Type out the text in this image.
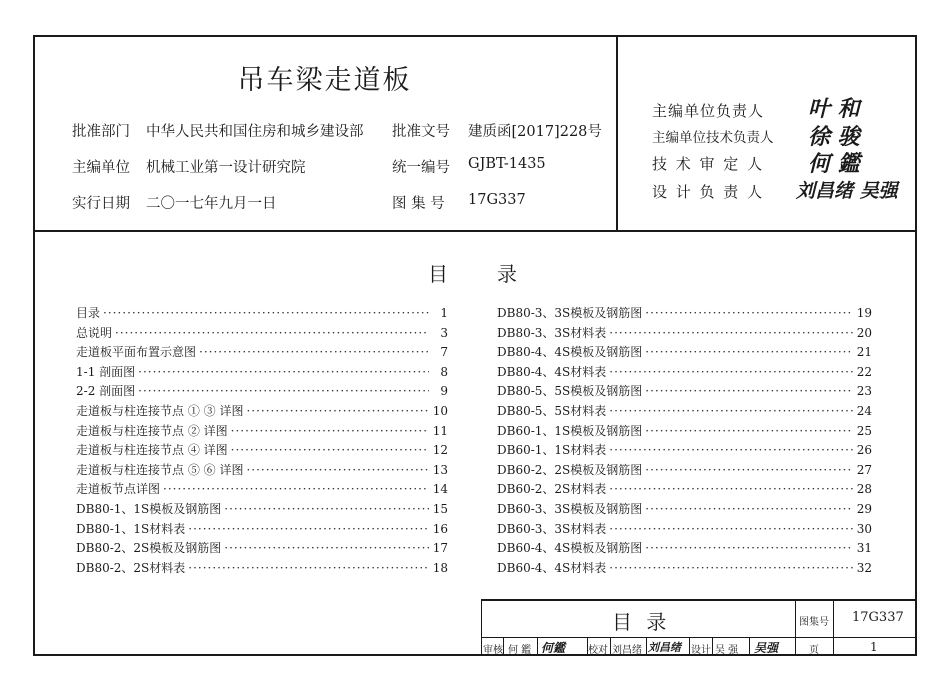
吊车梁走道板
批准部门 中华人民共和国住房和城乡建设部 批准文号 建质函[2017]228号
主编单位 机械工业第一设计研究院	统一编号 GJBT-1435
实行日期 二〇一七年九月一日	图 集 号 17G337
主编单位负责人 叶 和
主编单位技术负责人 徐 骏
技 术 审 定 人 何 鑑
设 计 负 责 人 刘昌绪 吴强
目 录
目录 ·····	1
总说明 ·····	3
走道板平面布置示意图 ·····	7
1-1 剖面图 ·····	8
2-2 剖面图 ·····	9
走道板与柱连接节点 ① ③ 详图 ·····	10
走道板与柱连接节点 ② 详图 ·····	11
走道板与柱连接节点 ④ 详图 ·····	12
走道板与柱连接节点 ⑤ ⑥ 详图 ·····	13
走道板节点详图 ·····	14
DB80-1、1S模板及钢筋图 ·····	15
DB80-1、1S材料表 ·····	16
DB80-2、2S模板及钢筋图 ·····	17
DB80-2、2S材料表 ·····	18
DB80-3、3S模板及钢筋图 ·····	19
DB80-3、3S材料表 ·····	20
DB80-4、4S模板及钢筋图 ·····	21
DB80-4、4S材料表 ·····	22
DB80-5、5S模板及钢筋图 ·····	23
DB80-5、5S材料表 ·····	24
DB60-1、1S模板及钢筋图 ·····	25
DB60-1、1S材料表 ·····	26
DB60-2、2S模板及钢筋图 ·····	27
DB60-2、2S材料表 ·····	28
DB60-3、3S模板及钢筋图 ·····	29
DB60-3、3S材料表 ·····	30
DB60-4、4S模板及钢筋图 ·····	31
DB60-4、4S材料表 ·····	32
目 录	图集号 17G337
页	1
审核 何 鑑 何鑑 校对 刘昌绪 刘昌绪 设计 吴 强 吴强
